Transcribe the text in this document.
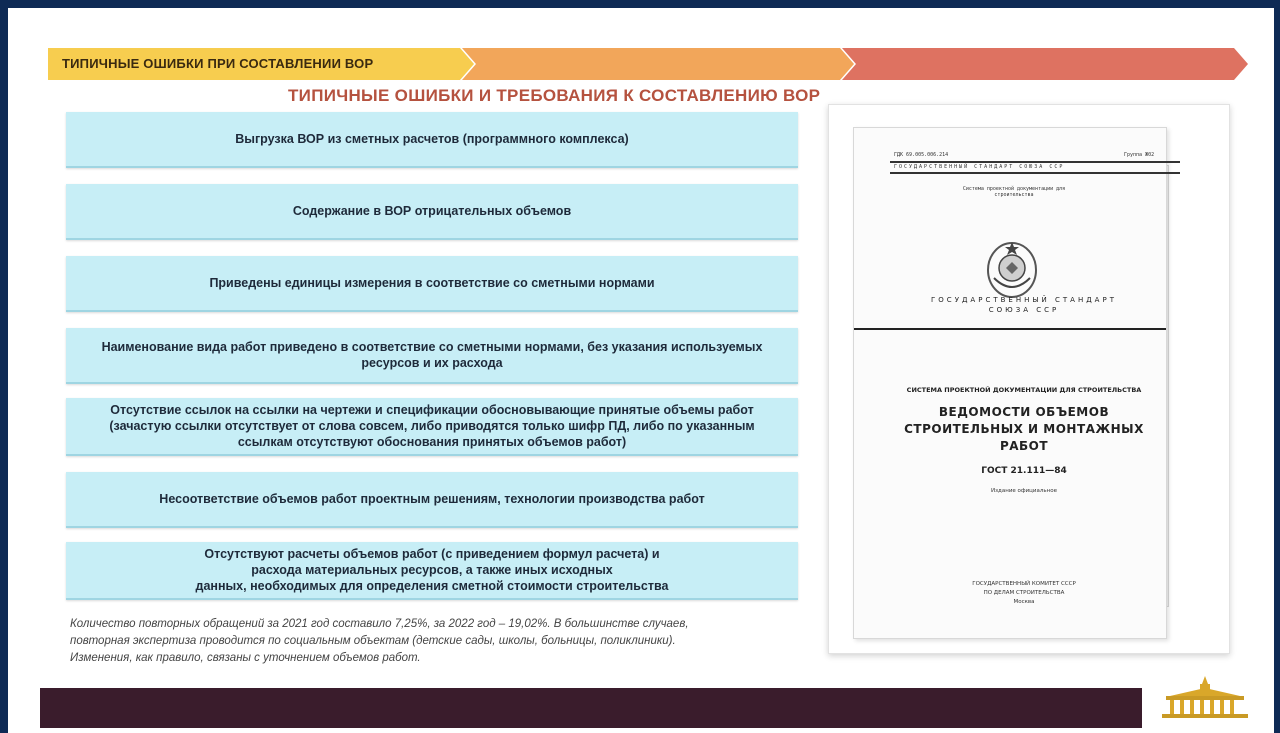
ТИПИЧНЫЕ ОШИБКИ ПРИ СОСТАВЛЕНИИ ВОР
ТИПИЧНЫЕ ОШИБКИ И ТРЕБОВАНИЯ К СОСТАВЛЕНИЮ ВОР
Выгрузка ВОР из сметных расчетов (программного комплекса)
Содержание в ВОР отрицательных объемов
Приведены единицы измерения в соответствие со сметными нормами
Наименование вида работ приведено в соответствие со сметными нормами, без указания используемых
ресурсов и их расхода
Отсутствие ссылок на ссылки на чертежи и спецификации обосновывающие принятые объемы работ
(зачастую ссылки отсутствует от слова совсем, либо приводятся только шифр ПД, либо по указанным
ссылкам отсутствуют обоснования принятых объемов работ)
Несоответствие объемов работ проектным решениям, технологии производства работ
Отсутствуют расчеты объемов работ (с приведением формул расчета) и
расхода материальных ресурсов, а также иных исходных
данных, необходимых для определения сметной стоимости строительства
Количество повторных обращений за 2021 год составило 7,25%, за 2022 год – 19,02%. В большинстве случаев,
повторная экспертиза проводится по социальным объектам (детские сады, школы, больницы, поликлиники).
Изменения, как правило, связаны с уточнением объемов работ.
ГДК 69.005.006.214	Группа Ж02
ГОСУДАРСТВЕННЫЙ СТАНДАРТ СОЮЗА ССР
Система проектной документации для строительства
ГОСУДАРСТВЕННЫЙ СТАНДАРТ
СОЮЗА ССР
СИСТЕМА ПРОЕКТНОЙ ДОКУМЕНТАЦИИ ДЛЯ СТРОИТЕЛЬСТВА
ВЕДОМОСТИ ОБЪЕМОВ
СТРОИТЕЛЬНЫХ И МОНТАЖНЫХ
РАБОТ
ГОСТ 21.111—84
Издание официальное
ГОСУДАРСТВЕННЫЙ КОМИТЕТ СССР
ПО ДЕЛАМ СТРОИТЕЛЬСТВА
Москва
